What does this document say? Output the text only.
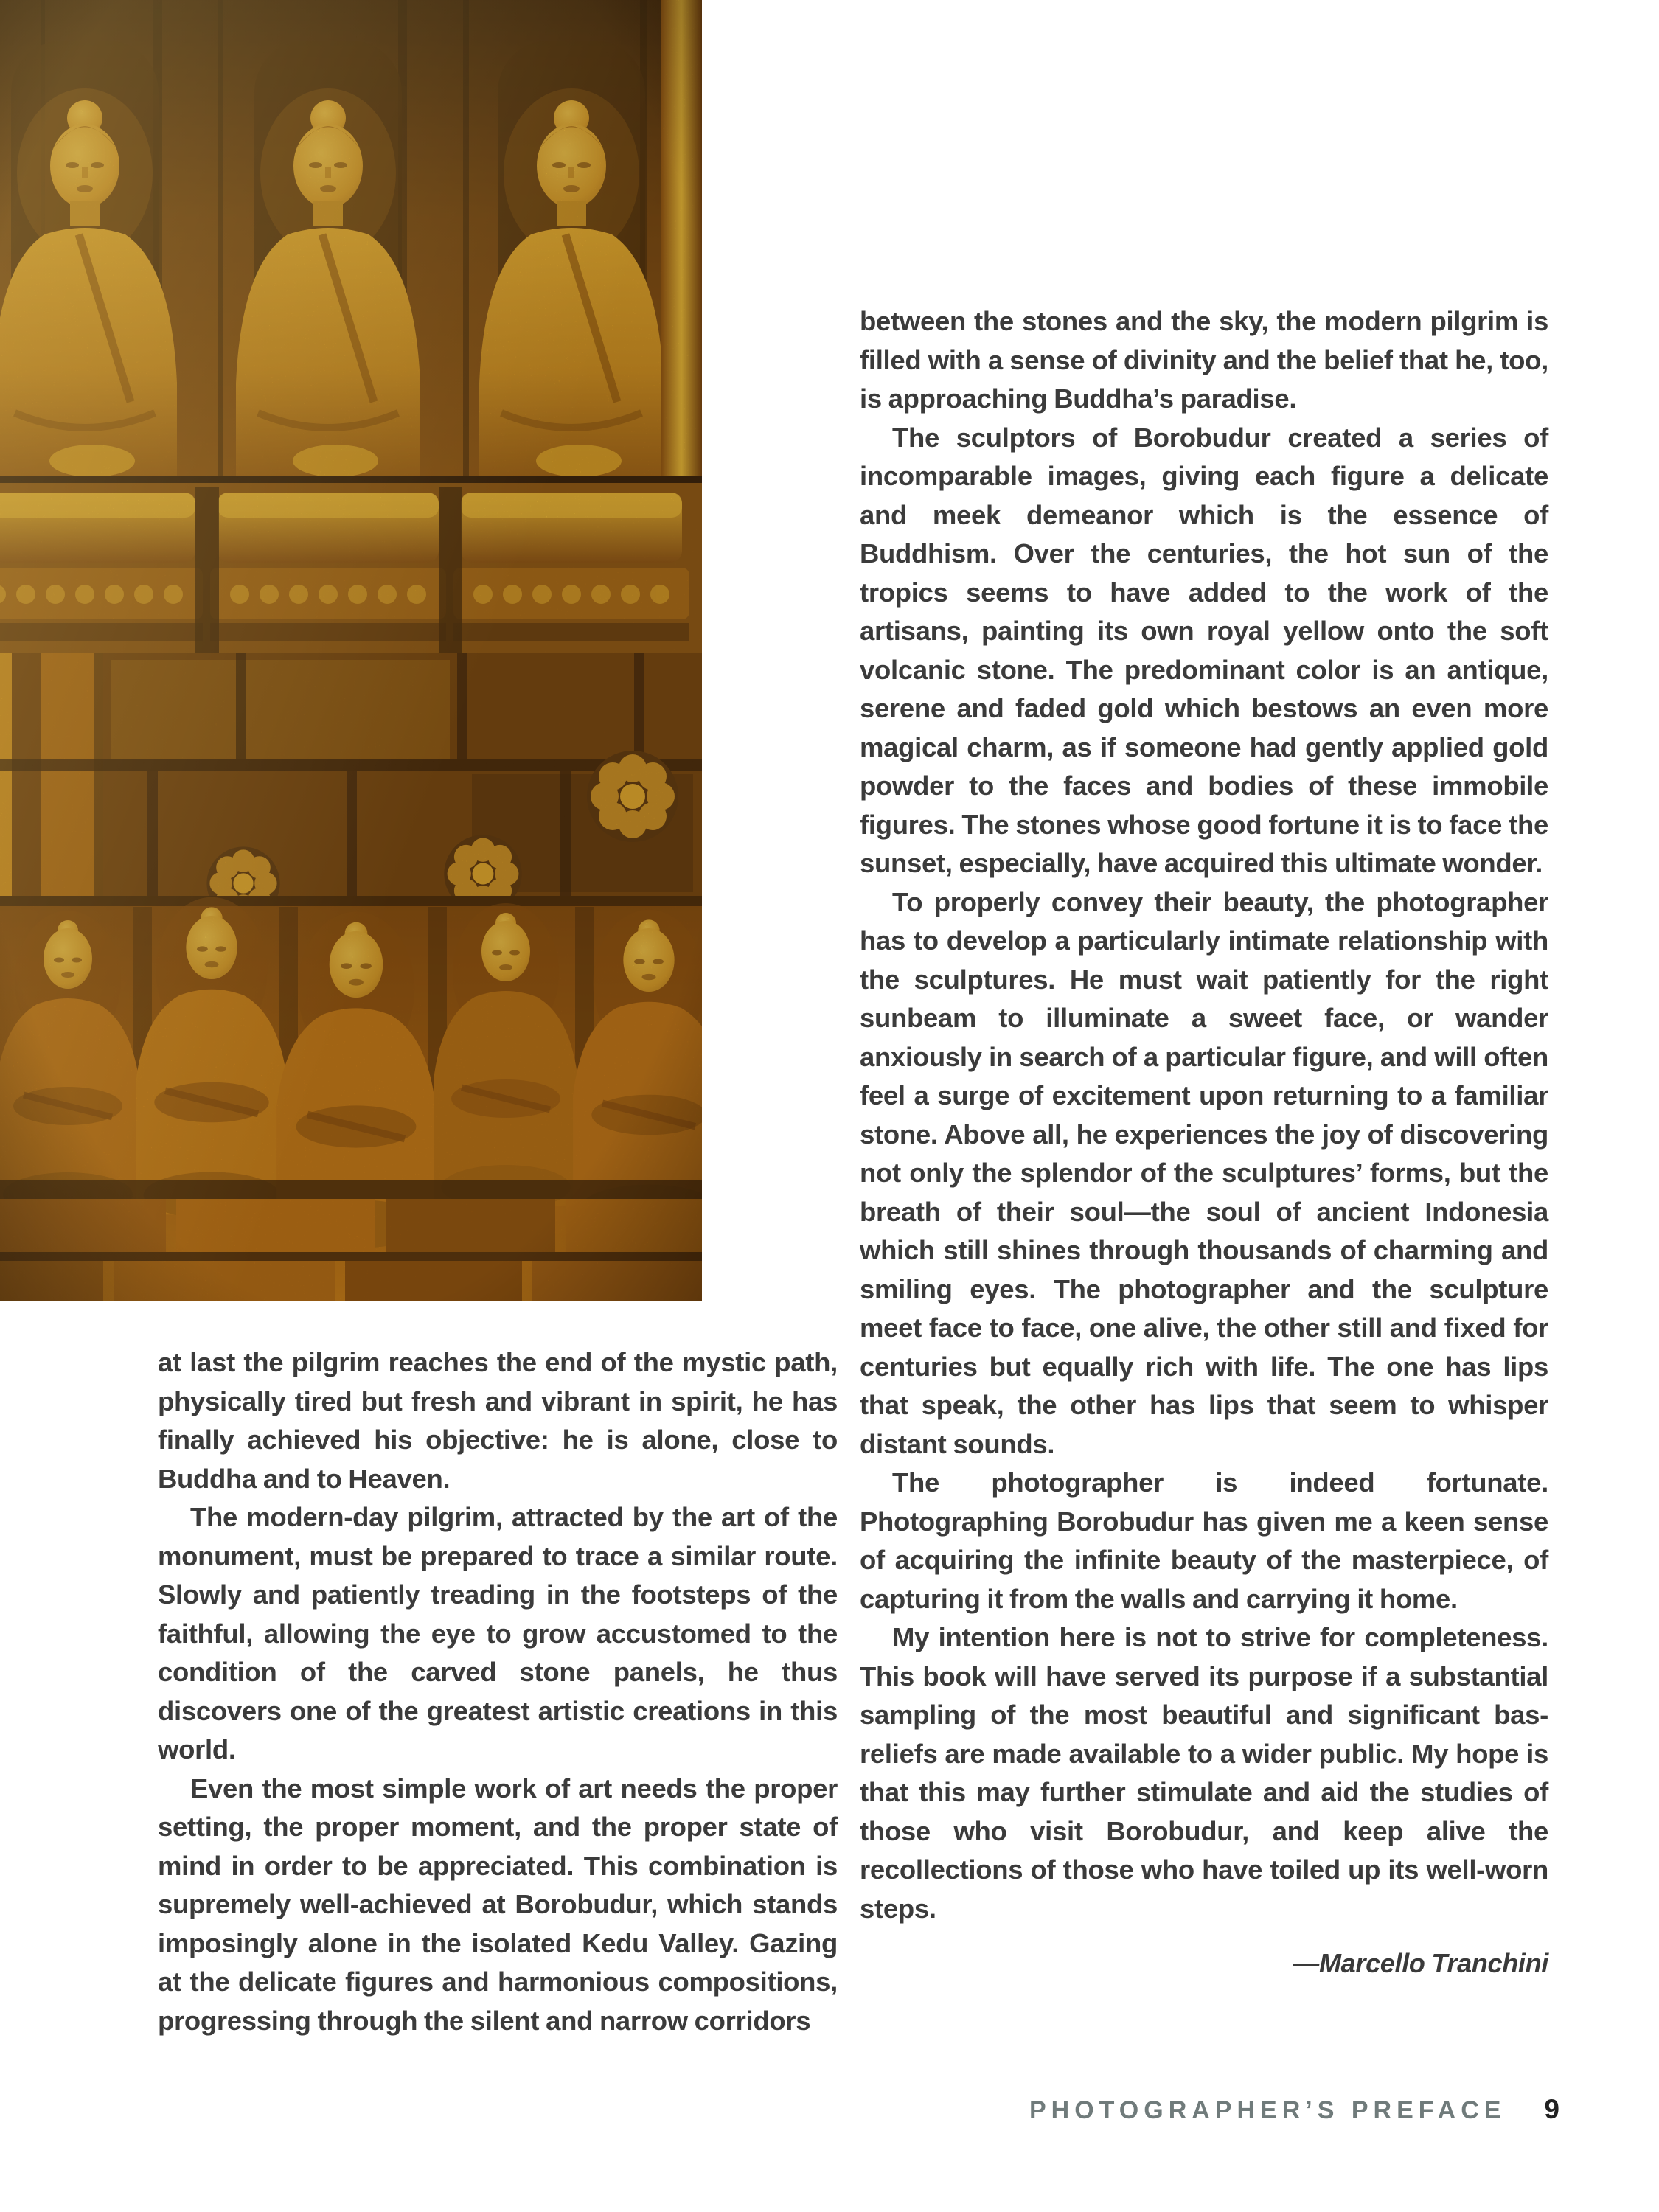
at last the pilgrim reaches the end of the mystic path, physically tired but fresh and vibrant in spirit, he has finally achieved his objective: he is alone, close to Buddha and to Heaven.

The modern-day pilgrim, attracted by the art of the monument, must be prepared to trace a similar route. Slowly and patiently treading in the footsteps of the faithful, allowing the eye to grow accustomed to the condition of the carved stone panels, he thus discovers one of the greatest artistic creations in this world.

Even the most simple work of art needs the proper setting, the proper moment, and the proper state of mind in order to be appreciated. This combination is supremely well-achieved at Borobudur, which stands imposingly alone in the isolated Kedu Valley. Gazing at the delicate figures and harmonious compositions, progressing through the silent and narrow corridors

between the stones and the sky, the modern pilgrim is filled with a sense of divinity and the belief that he, too, is approaching Buddha’s paradise.

The sculptors of Borobudur created a series of incomparable images, giving each figure a delicate and meek demeanor which is the essence of Buddhism. Over the centuries, the hot sun of the tropics seems to have added to the work of the artisans, painting its own royal yellow onto the soft volcanic stone. The predominant color is an antique, serene and faded gold which bestows an even more magical charm, as if someone had gently applied gold powder to the faces and bodies of these immobile figures. The stones whose good fortune it is to face the sunset, especially, have acquired this ultimate wonder.

To properly convey their beauty, the photographer has to develop a particularly intimate relationship with the sculptures. He must wait patiently for the right sunbeam to illuminate a sweet face, or wander anxiously in search of a particular figure, and will often feel a surge of excitement upon returning to a familiar stone. Above all, he experiences the joy of discovering not only the splendor of the sculptures’ forms, but the breath of their soul—the soul of ancient Indonesia which still shines through thousands of charming and smiling eyes. The photographer and the sculpture meet face to face, one alive, the other still and fixed for centuries but equally rich with life. The one has lips that speak, the other has lips that seem to whisper distant sounds.

The photographer is indeed fortunate. Photographing Borobudur has given me a keen sense of acquiring the infinite beauty of the masterpiece, of capturing it from the walls and carrying it home.

My intention here is not to strive for completeness. This book will have served its purpose if a substantial sampling of the most beautiful and significant bas-reliefs are made available to a wider public. My hope is that this may further stimulate and aid the studies of those who visit Borobudur, and keep alive the recollections of those who have toiled up its well-worn steps.

—Marcello Tranchini
PHOTOGRAPHER’S PREFACE 9
